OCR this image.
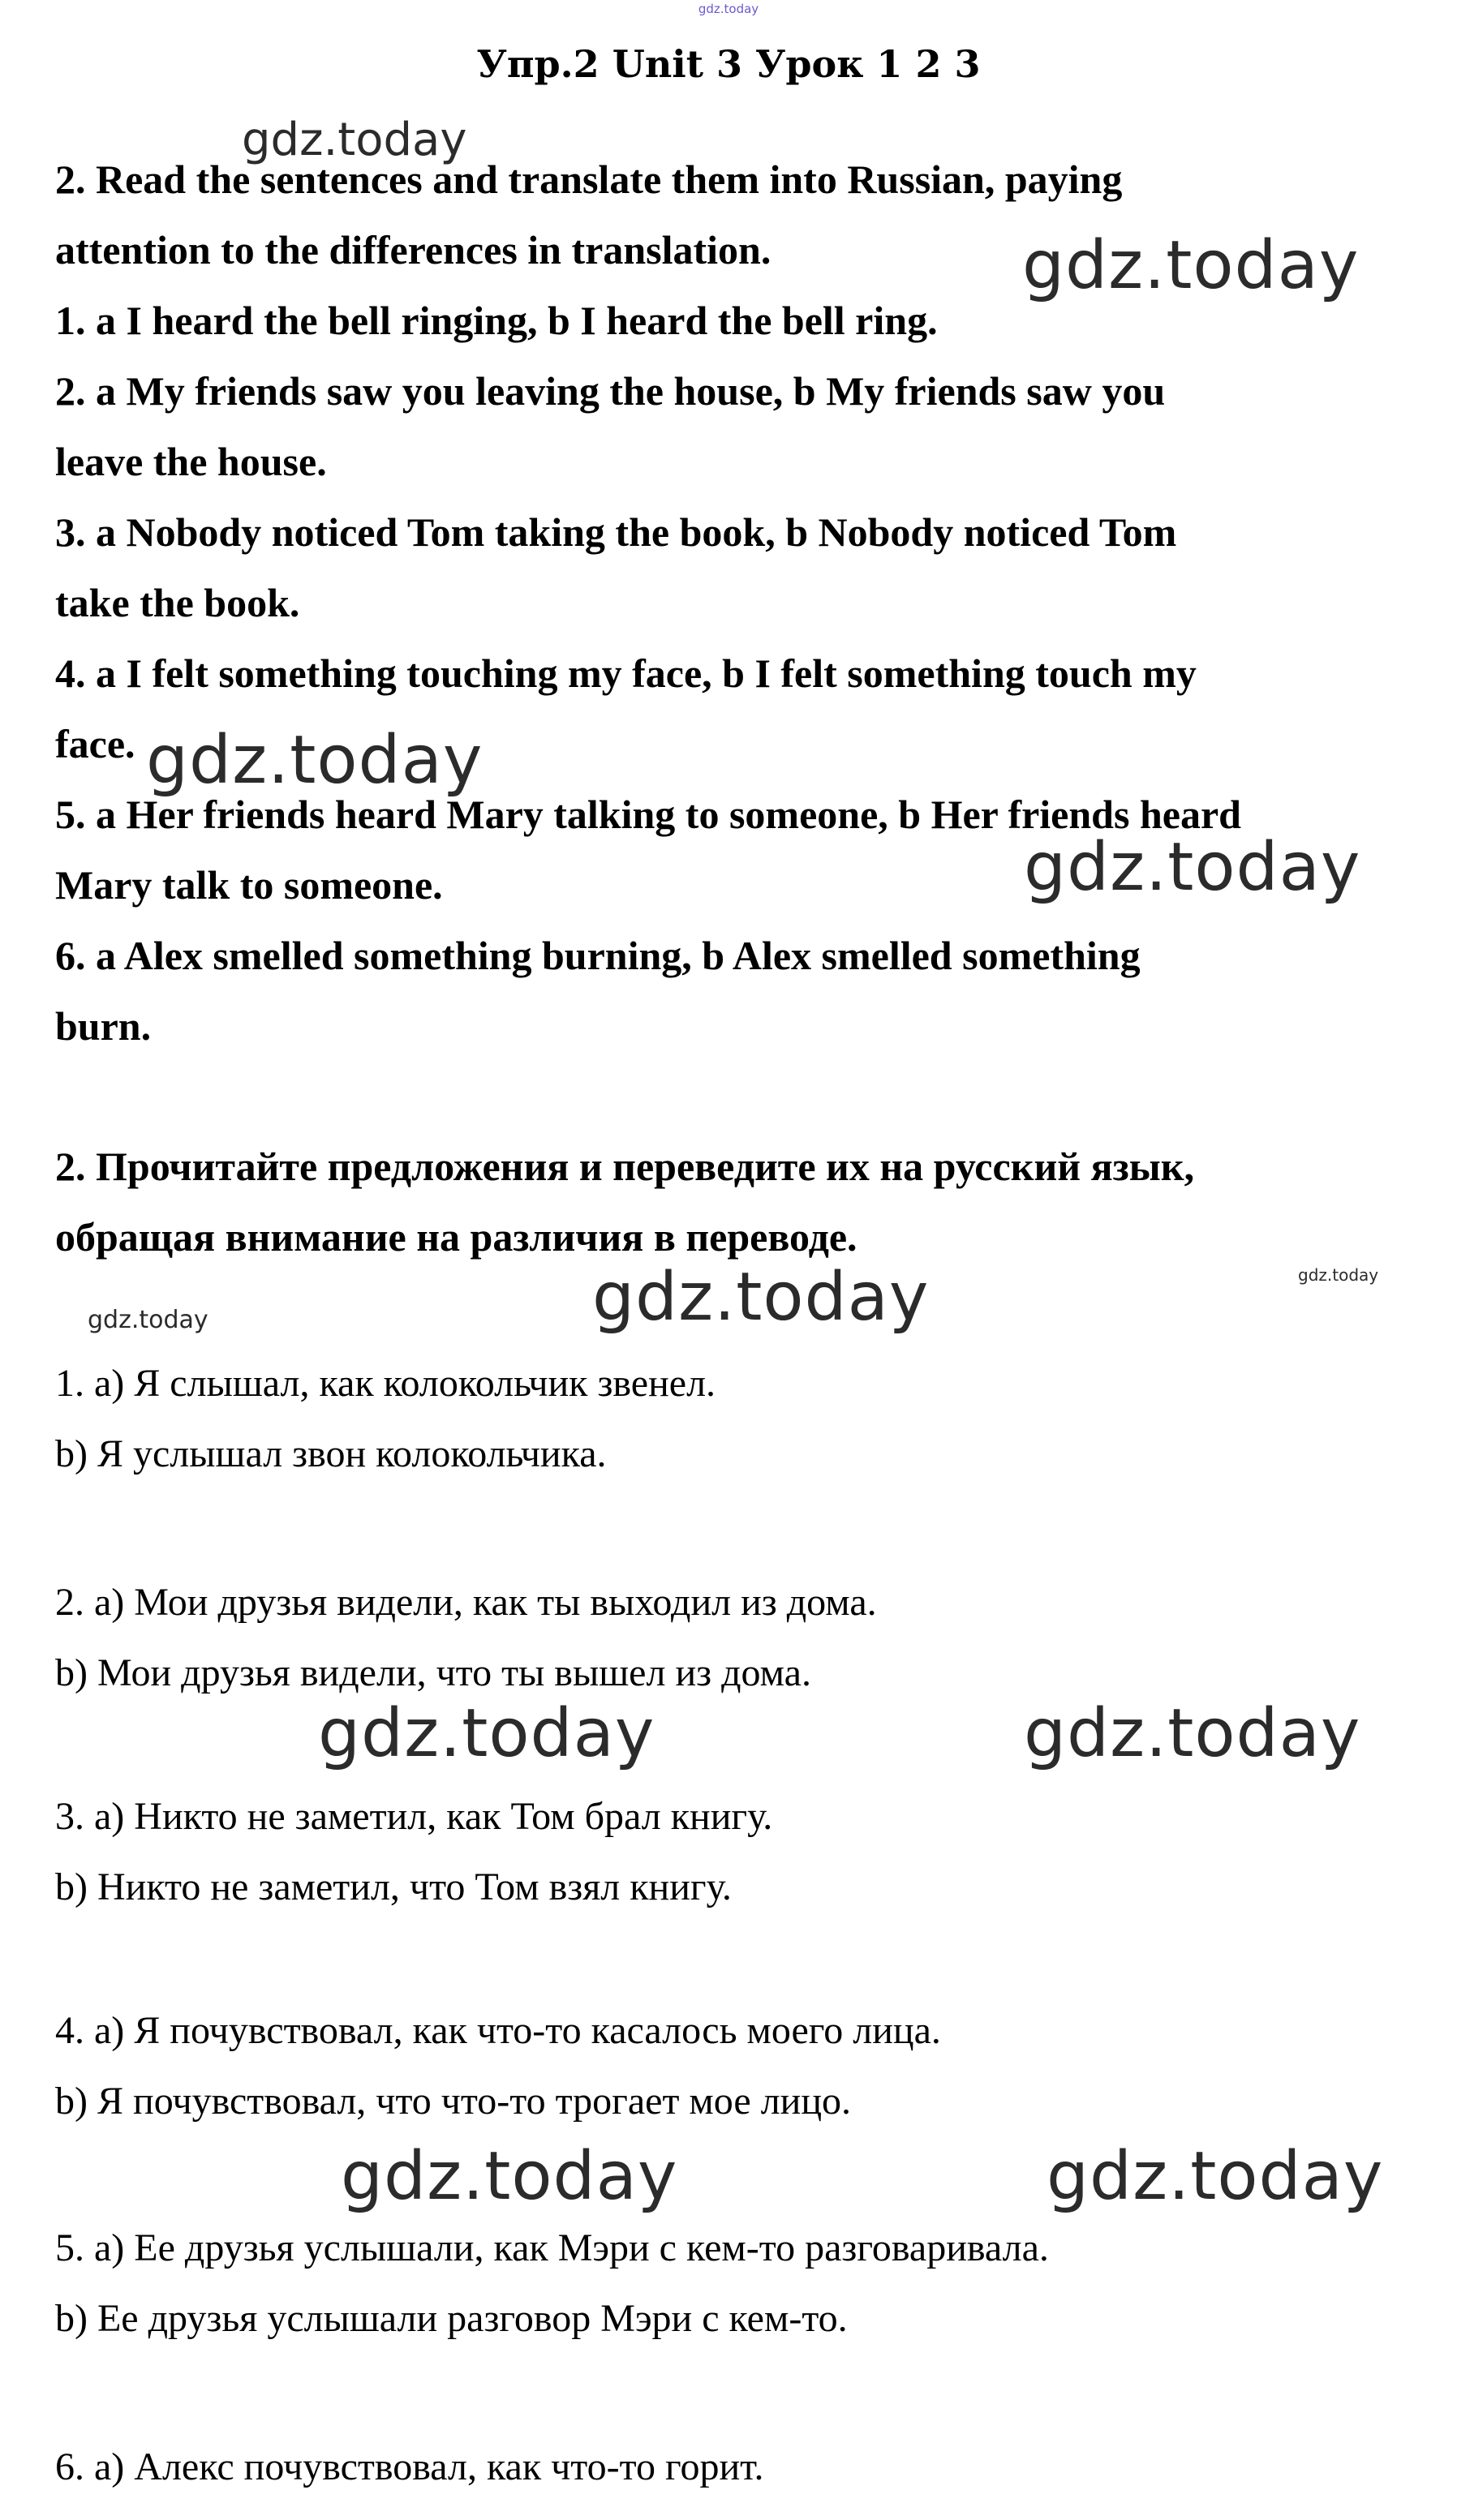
gdz.today
Упр.2 Unit 3 Урок 1 2 3

2. Read the sentences and translate them into Russian, paying

attention to the differences in translation.

1. a I heard the bell ringing, b I heard the bell ring.

2. a My friends saw you leaving the house, b My friends saw you

leave the house.

3. a Nobody noticed Tom taking the book, b Nobody noticed Tom

take the book.

4. a I felt something touching my face, b I felt something touch my

face.

5. a Her friends heard Mary talking to someone, b Her friends heard

Mary talk to someone.

6. a Alex smelled something burning, b Alex smelled something

burn.

2. Прочитайте предложения и переведите их на русский язык,

обращая внимание на различия в переводе.

1. а) Я слышал, как колокольчик звенел.

b) Я услышал звон колокольчика.

2. а) Мои друзья видели, как ты выходил из дома.

b) Мои друзья видели, что ты вышел из дома.

3. а) Никто не заметил, как Том брал книгу.

b) Никто не заметил, что Том взял книгу.

4. а) Я почувствовал, как что-то касалось моего лица.

b) Я почувствовал, что что-то трогает мое лицо.

5. а) Ее друзья услышали, как Мэри с кем-то разговаривала.

b) Ее друзья услышали разговор Мэри с кем-то.

6. а) Алекс почувствовал, как что-то горит.

gdz.today
gdz.today
gdz.today
gdz.today
gdz.today	gdz.today
gdz.today
gdz.today	gdz.today
gdz.today	gdz.today
